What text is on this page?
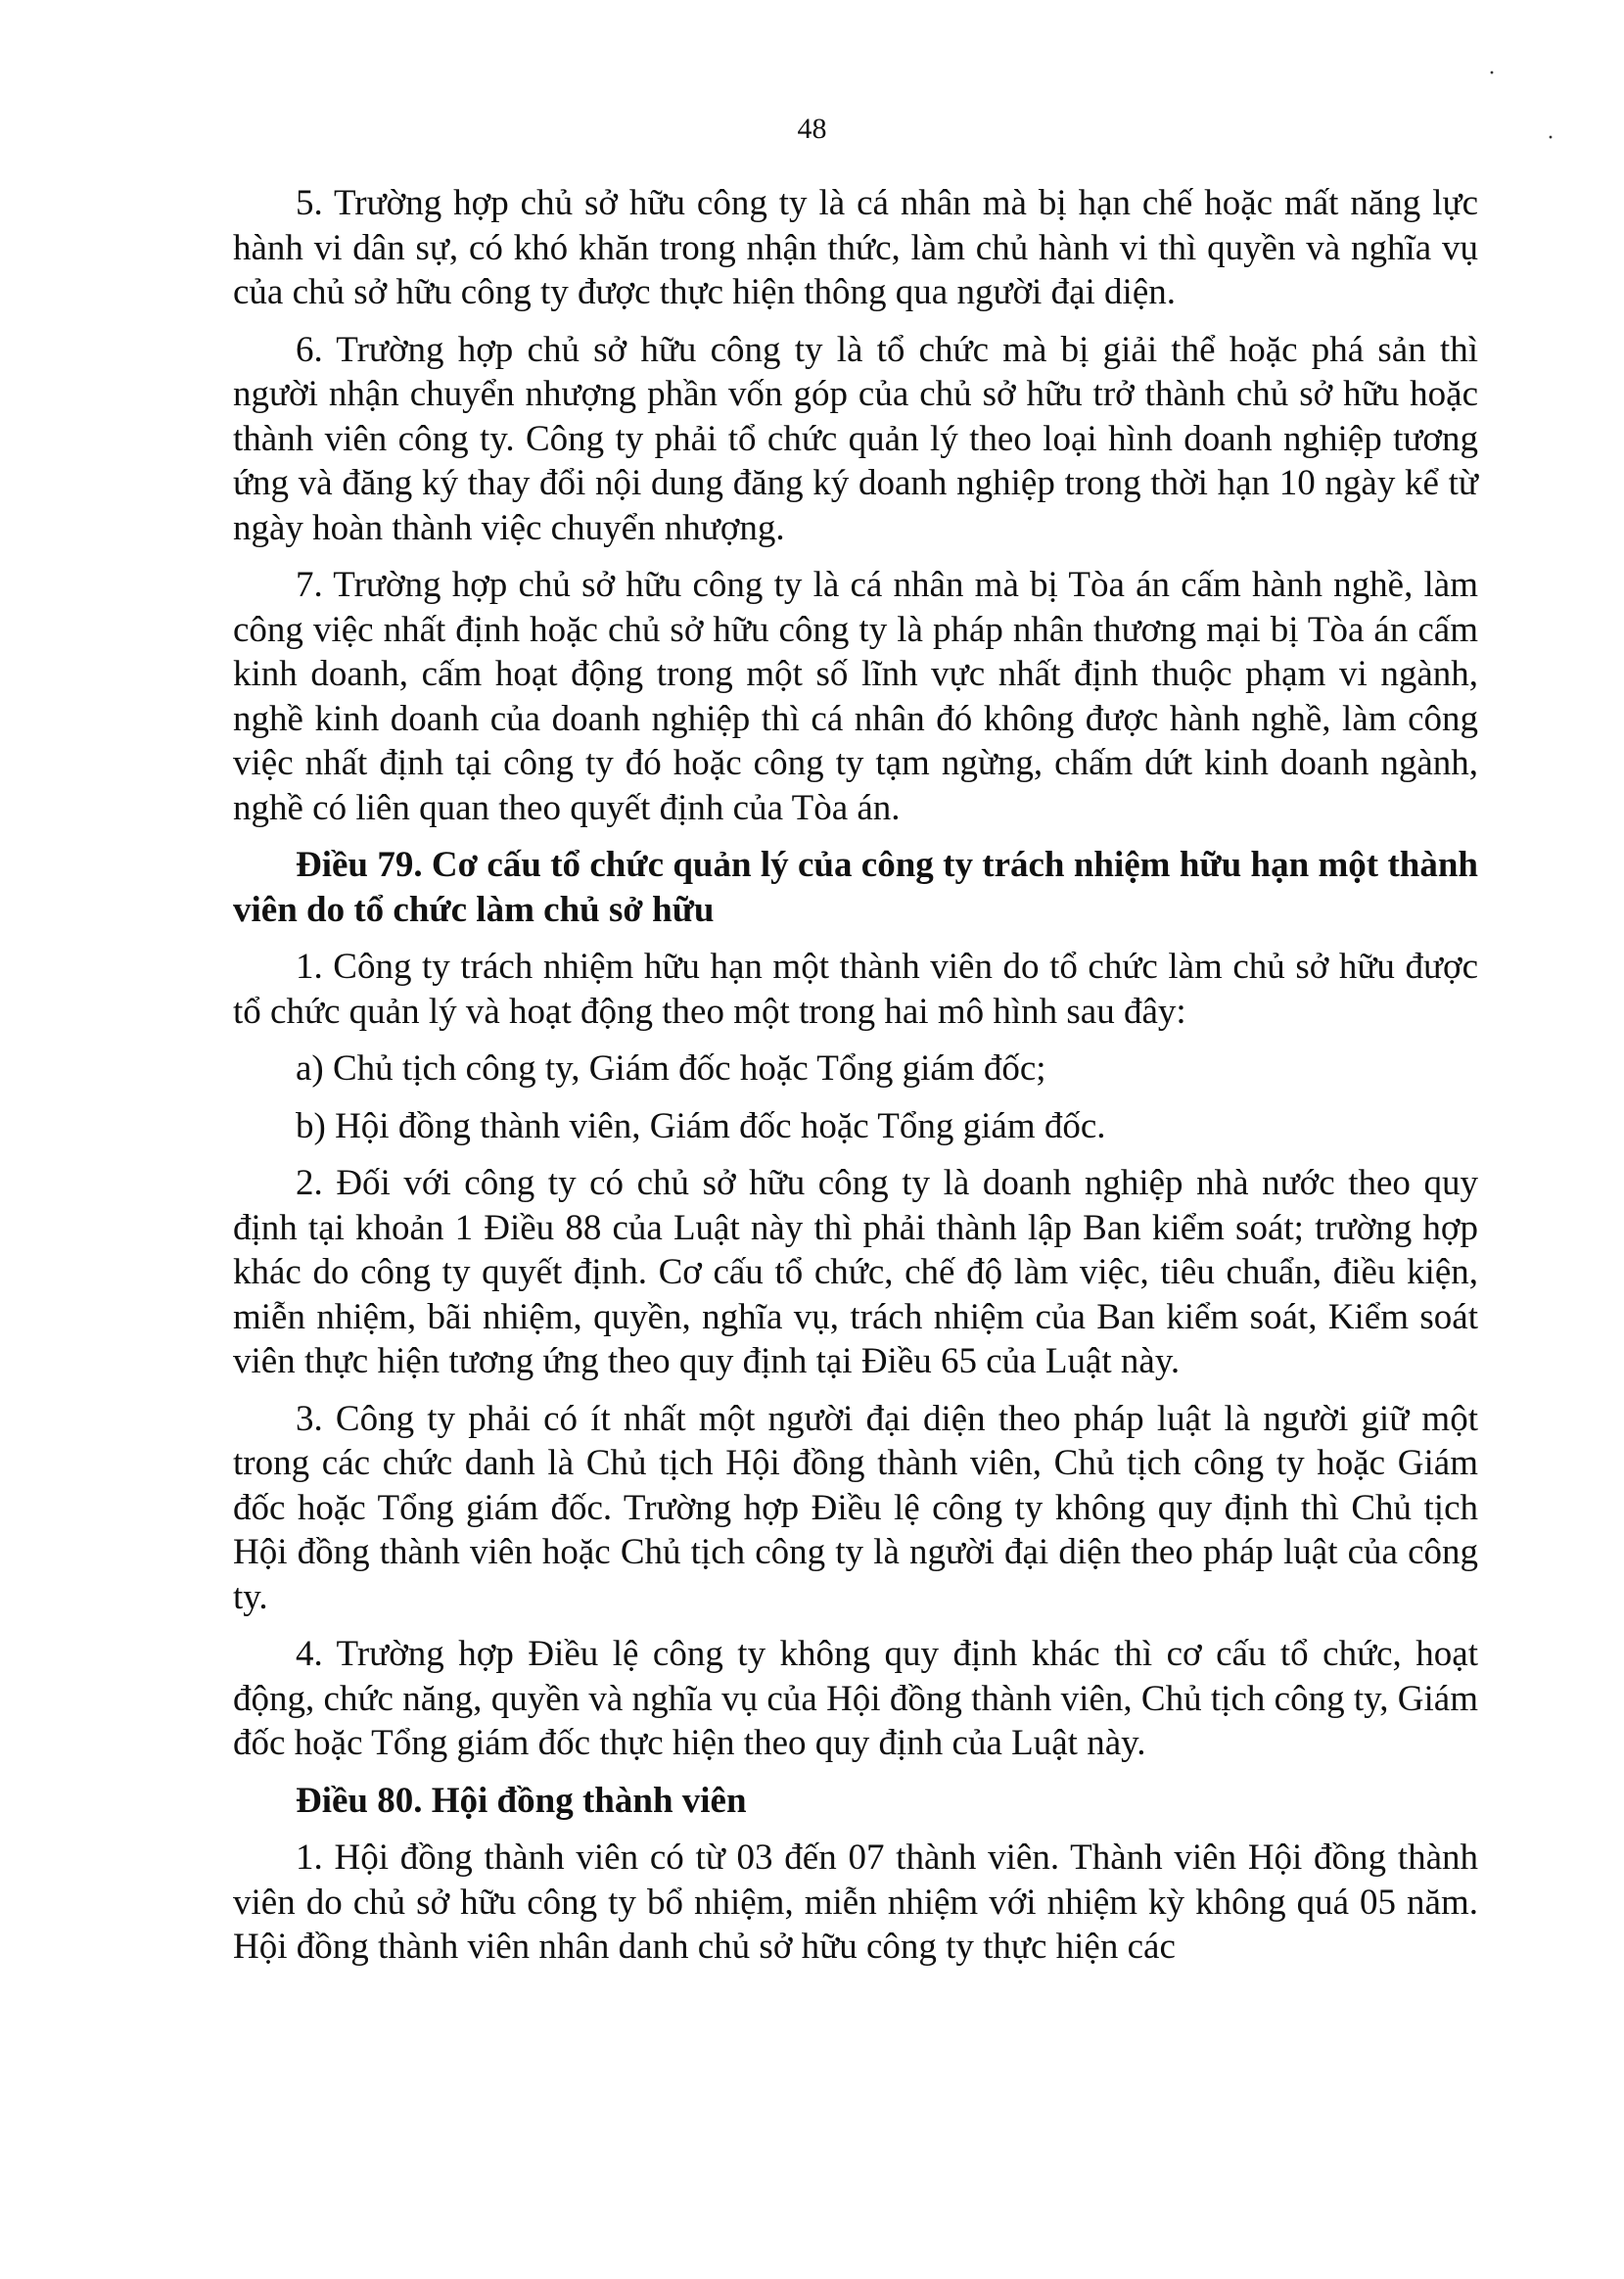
48
·
·

5. Trường hợp chủ sở hữu công ty là cá nhân mà bị hạn chế hoặc mất năng lực hành vi dân sự, có khó khăn trong nhận thức, làm chủ hành vi thì quyền và nghĩa vụ của chủ sở hữu công ty được thực hiện thông qua người đại diện.

6. Trường hợp chủ sở hữu công ty là tổ chức mà bị giải thể hoặc phá sản thì người nhận chuyển nhượng phần vốn góp của chủ sở hữu trở thành chủ sở hữu hoặc thành viên công ty. Công ty phải tổ chức quản lý theo loại hình doanh nghiệp tương ứng và đăng ký thay đổi nội dung đăng ký doanh nghiệp trong thời hạn 10 ngày kể từ ngày hoàn thành việc chuyển nhượng.

7. Trường hợp chủ sở hữu công ty là cá nhân mà bị Tòa án cấm hành nghề, làm công việc nhất định hoặc chủ sở hữu công ty là pháp nhân thương mại bị Tòa án cấm kinh doanh, cấm hoạt động trong một số lĩnh vực nhất định thuộc phạm vi ngành, nghề kinh doanh của doanh nghiệp thì cá nhân đó không được hành nghề, làm công việc nhất định tại công ty đó hoặc công ty tạm ngừng, chấm dứt kinh doanh ngành, nghề có liên quan theo quyết định của Tòa án.

Điều 79. Cơ cấu tổ chức quản lý của công ty trách nhiệm hữu hạn một thành viên do tổ chức làm chủ sở hữu

1. Công ty trách nhiệm hữu hạn một thành viên do tổ chức làm chủ sở hữu được tổ chức quản lý và hoạt động theo một trong hai mô hình sau đây:

a) Chủ tịch công ty, Giám đốc hoặc Tổng giám đốc;

b) Hội đồng thành viên, Giám đốc hoặc Tổng giám đốc.

2. Đối với công ty có chủ sở hữu công ty là doanh nghiệp nhà nước theo quy định tại khoản 1 Điều 88 của Luật này thì phải thành lập Ban kiểm soát; trường hợp khác do công ty quyết định. Cơ cấu tổ chức, chế độ làm việc, tiêu chuẩn, điều kiện, miễn nhiệm, bãi nhiệm, quyền, nghĩa vụ, trách nhiệm của Ban kiểm soát, Kiểm soát viên thực hiện tương ứng theo quy định tại Điều 65 của Luật này.

3. Công ty phải có ít nhất một người đại diện theo pháp luật là người giữ một trong các chức danh là Chủ tịch Hội đồng thành viên, Chủ tịch công ty hoặc Giám đốc hoặc Tổng giám đốc. Trường hợp Điều lệ công ty không quy định thì Chủ tịch Hội đồng thành viên hoặc Chủ tịch công ty là người đại diện theo pháp luật của công ty.

4. Trường hợp Điều lệ công ty không quy định khác thì cơ cấu tổ chức, hoạt động, chức năng, quyền và nghĩa vụ của Hội đồng thành viên, Chủ tịch công ty, Giám đốc hoặc Tổng giám đốc thực hiện theo quy định của Luật này.

Điều 80. Hội đồng thành viên

1. Hội đồng thành viên có từ 03 đến 07 thành viên. Thành viên Hội đồng thành viên do chủ sở hữu công ty bổ nhiệm, miễn nhiệm với nhiệm kỳ không quá 05 năm. Hội đồng thành viên nhân danh chủ sở hữu công ty thực hiện các
